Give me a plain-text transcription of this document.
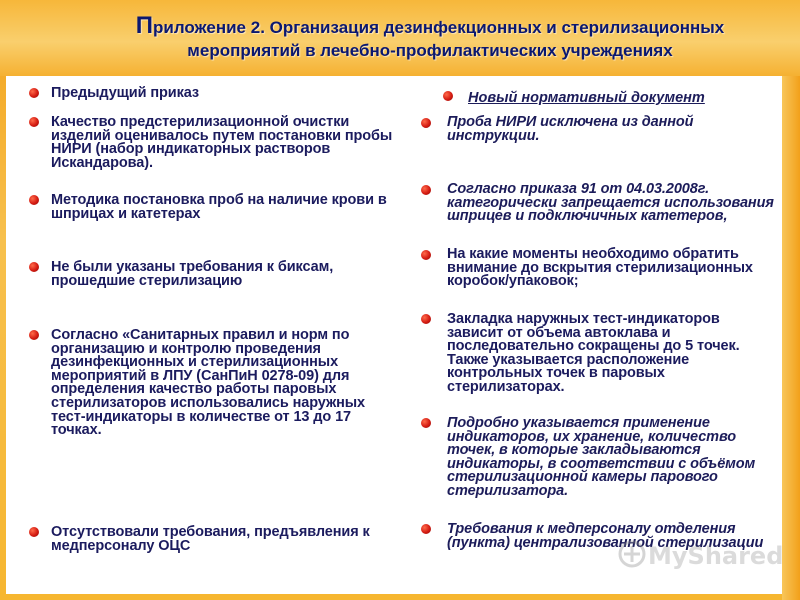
Приложение 2. Организация дезинфекционных и стерилизационных
мероприятий в лечебно-профилактических учреждениях
Предыдущий приказ
Качество предстерилизационной очистки изделий оценивалось путем постановки пробы НИРИ (набор индикаторных растворов Искандарова).
Методика постановка проб на наличие крови в шприцах и катетерах
Не были указаны требования к биксам, прошедшие стерилизацию
Согласно «Санитарных правил и норм по организацию и контролю проведения дезинфекционных и стерилизационных мероприятий в ЛПУ (СанПиН 0278-09) для определения качество работы паровых стерилизаторов использовались наружных тест-индикаторы в количестве от 13 до 17 точках.
Отсутствовали требования, предъявления к медперсоналу ОЦС
Новый нормативный документ
Проба НИРИ исключена из данной инструкции.
Согласно приказа 91 от 04.03.2008г. категорически запрещается использования шприцев и подключичных катетеров,
На какие моменты необходимо обратить внимание до вскрытия стерилизационных коробок/упаковок;
Закладка наружных тест-индикаторов зависит от объема автоклава и последовательно сокращены до 5 точек. Также указывается расположение контрольных точек в паровых стерилизаторах.
Подробно указывается применение индикаторов, их хранение, количество точек, в которые закладываются индикаторы, в соответствии с объёмом стерилизационной камеры парового стерилизатора.
Требования к медперсоналу отделения (пункта) централизованной стерилизации
MyShared
